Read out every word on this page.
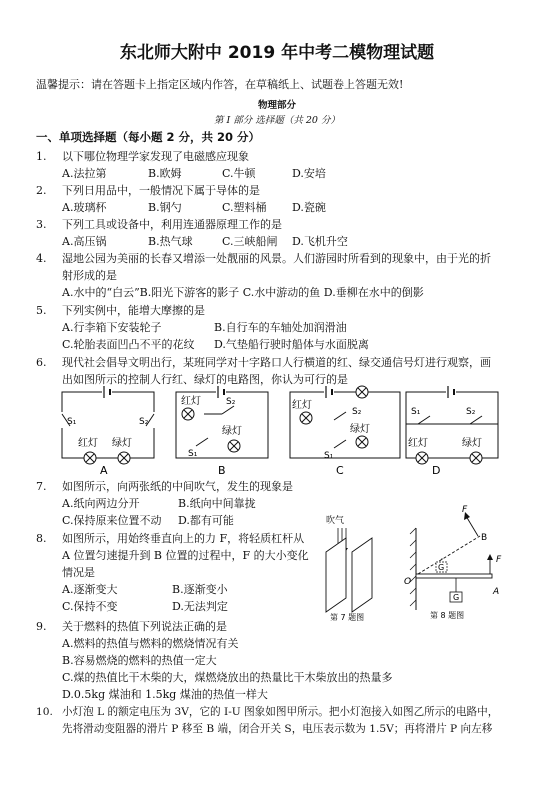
东北师大附中 2019 年中考二模物理试题
温馨提示：请在答题卡上指定区域内作答，在草稿纸上、试题卷上答题无效!
物理部分
第 I 部分 选择题（共 20 分）
一、单项选择题（每小题 2 分，共 20 分）
1. 以下哪位物理学家发现了电磁感应现象
A.法拉第	B.欧姆	C.牛顿	D.安培
2. 下列日用品中，一般情况下属于导体的是
A.玻璃杯	B.钢勺	C.塑料桶 D.瓷碗
3. 下列工具或设备中，利用连通器原理工作的是
A.高压锅	B.热气球	C.三峡船闸 D.飞机升空
4. 湿地公园为美丽的长春又增添一处靓丽的风景。人们游园时所看到的现象中，由于光的折
射形成的是
A.水中的“白云”B.阳光下游客的影子 C.水中游动的鱼 D.垂柳在水中的倒影
5. 下列实例中，能增大摩擦的是
A.行李箱下安装轮子	B.自行车的车轴处加润滑油
C.轮胎表面凹凸不平的花纹 D.气垫船行驶时船体与水面脱离
6. 现代社会倡导文明出行，某班同学对十字路口人行横道的红、绿交通信号灯进行观察，画
出如图所示的控制人行红、绿灯的电路图，你认为可行的是
S₁	S₂
红灯 绿灯
A
红灯	S₂
S₁
绿灯
B
红灯
S₂
S₁
绿灯
C
S₁	S₂
红灯	绿灯
D
7. 如图所示，向两张纸的中间吹气，发生的现象是
A.纸向两边分开	B.纸向中间靠拢
C.保持原来位置不动 D.都有可能
8. 如图所示，用始终垂直向上的力 F，将轻质杠杆从
A 位置匀速提升到 B 位置的过程中，F 的大小变化
情况是
A.逐渐变大	B.逐渐变小
C.保持不变	D.无法判定
吹气
第 7 题图
F
B
G
G
O
F
A
第 8 题图
9. 关于燃料的热值下列说法正确的是
A.燃料的热值与燃料的燃烧情况有关
B.容易燃烧的燃料的热值一定大
C.煤的热值比干木柴的大，煤燃烧放出的热量比干木柴放出的热量多
D.0.5kg 煤油和 1.5kg 煤油的热值一样大
10. 小灯泡 L 的额定电压为 3V，它的 I-U 图象如图甲所示。把小灯泡接入如图乙所示的电路中，
先将滑动变阻器的滑片 P 移至 B 端，闭合开关 S，电压表示数为 1.5V；再将滑片 P 向左移
